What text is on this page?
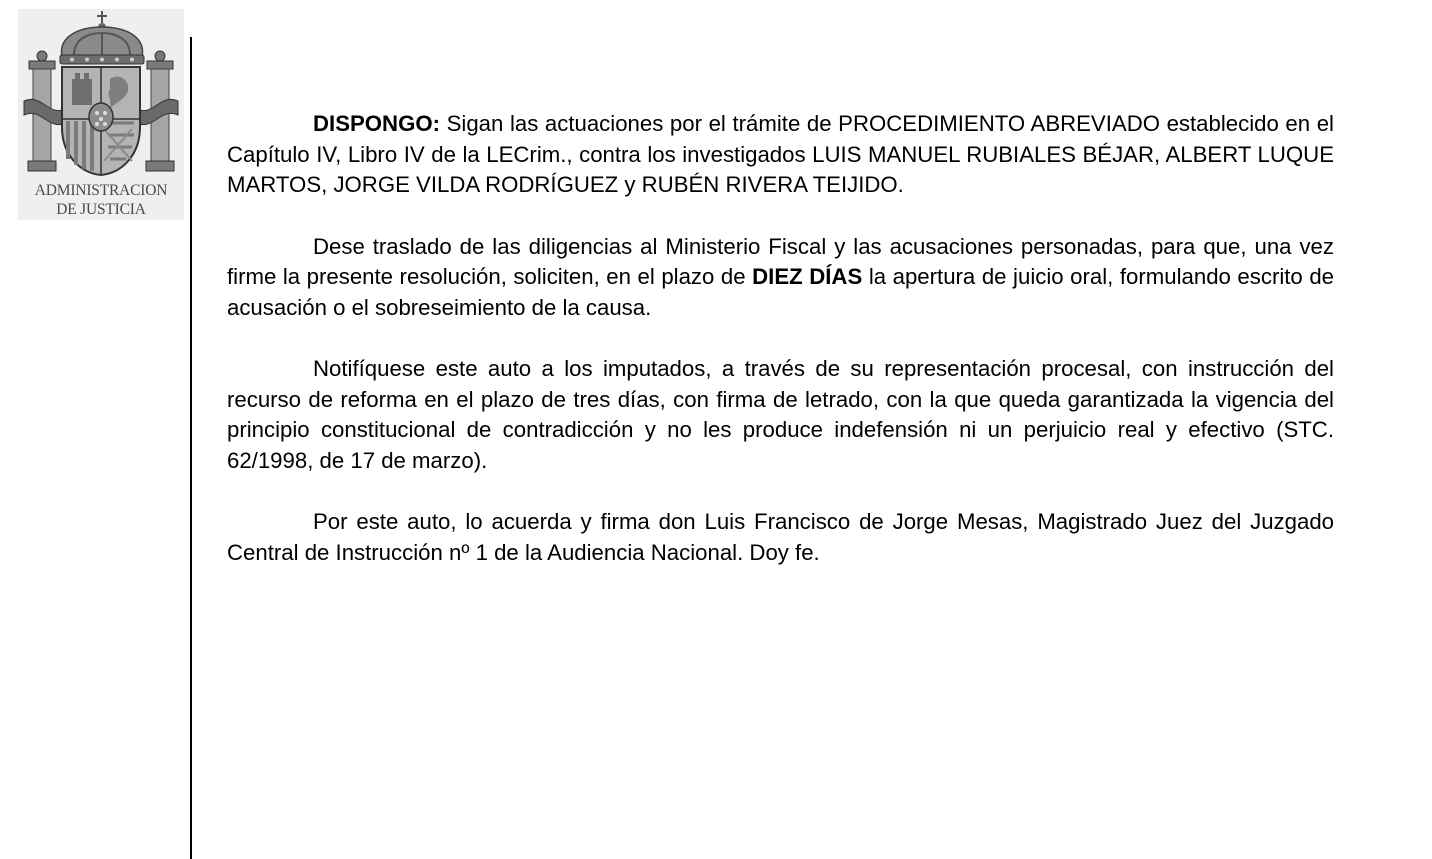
ADMINISTRACION
DE JUSTICIA

DISPONGO: Sigan las actuaciones por el trámite de PROCEDIMIENTO ABREVIADO establecido en el Capítulo IV, Libro IV de la LECrim., contra los investigados LUIS MANUEL RUBIALES BÉJAR, ALBERT LUQUE MARTOS, JORGE VILDA RODRÍGUEZ y RUBÉN RIVERA TEIJIDO.

Dese traslado de las diligencias al Ministerio Fiscal y las acusaciones personadas, para que, una vez firme la presente resolución, soliciten, en el plazo de DIEZ DÍAS la apertura de juicio oral, formulando escrito de acusación o el sobreseimiento de la causa.

Notifíquese este auto a los imputados, a través de su representación procesal, con instrucción del recurso de reforma en el plazo de tres días, con firma de letrado, con la que queda garantizada la vigencia del principio constitucional de contradicción y no les produce indefensión ni un perjuicio real y efectivo (STC. 62/1998, de 17 de marzo).

Por este auto, lo acuerda y firma don Luis Francisco de Jorge Mesas, Magistrado Juez del Juzgado Central de Instrucción nº 1 de la Audiencia Nacional. Doy fe.
